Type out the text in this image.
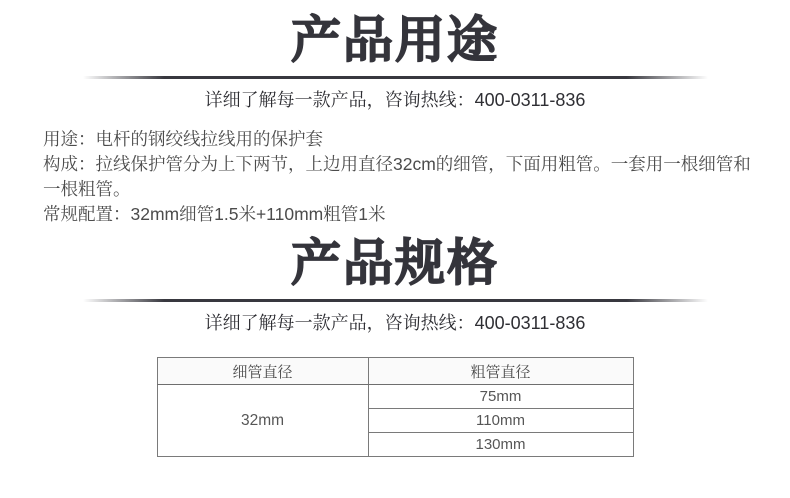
产品用途
详细了解每一款产品，咨询热线：400-0311-836

用途：电杆的钢绞线拉线用的保护套

构成：拉线保护管分为上下两节，上边用直径32cm的细管，下面用粗管。一套用一根细管和一根粗管。

常规配置：32mm细管1.5米+110mm粗管1米

产品规格
详细了解每一款产品，咨询热线：400-0311-836
细管直径	粗管直径
32mm	75mm
	110mm
	130mm
